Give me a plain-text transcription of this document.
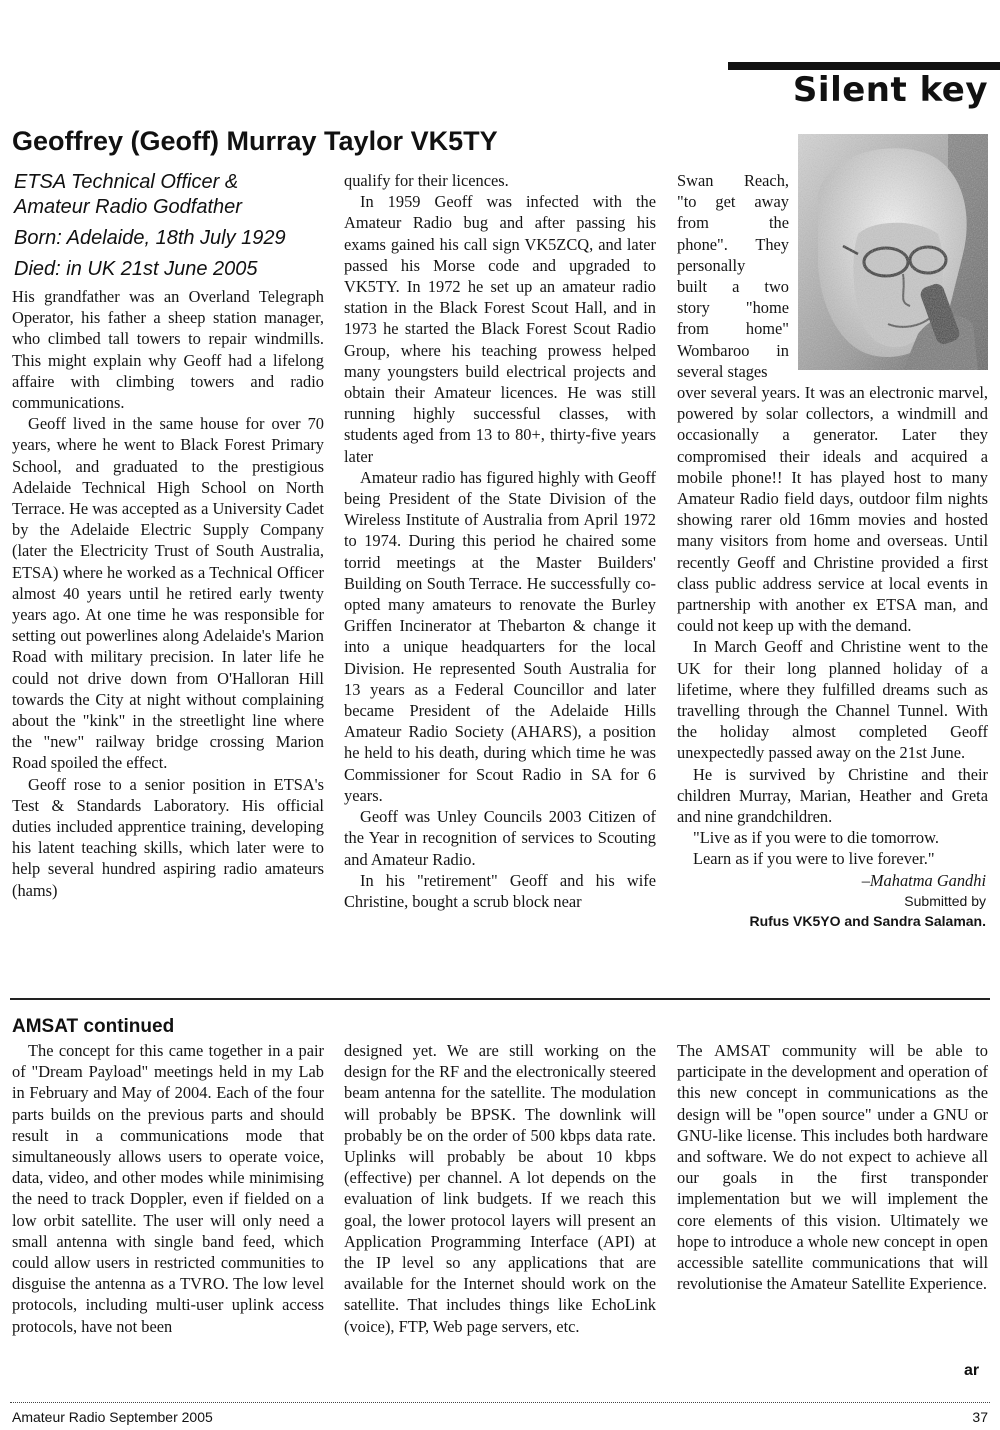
Silent key
Geoffrey (Geoff) Murray Taylor VK5TY
ETSA Technical Officer &
Amateur Radio Godfather
Born: Adelaide, 18th July 1929
Died: in UK 21st June 2005

His grandfather was an Overland Telegraph Operator, his father a sheep station manager, who climbed tall towers to repair windmills. This might explain why Geoff had a lifelong affaire with climbing towers and radio communications.

Geoff lived in the same house for over 70 years, where he went to Black Forest Primary School, and graduated to the prestigious Adelaide Technical High School on North Terrace. He was accepted as a University Cadet by the Adelaide Electric Supply Company (later the Electricity Trust of South Australia, ETSA) where he worked as a Technical Officer almost 40 years until he retired early twenty years ago. At one time he was responsible for setting out powerlines along Adelaide's Marion Road with military precision. In later life he could not drive down from O'Halloran Hill towards the City at night without complaining about the "kink" in the streetlight line where the "new" railway bridge crossing Marion Road spoiled the effect.

Geoff rose to a senior position in ETSA's Test & Standards Laboratory. His official duties included apprentice training, developing his latent teaching skills, which later were to help several hundred aspiring radio amateurs (hams)

qualify for their licences.

In 1959 Geoff was infected with the Amateur Radio bug and after passing his exams gained his call sign VK5ZCQ, and later passed his Morse code and upgraded to VK5TY. In 1972 he set up an amateur radio station in the Black Forest Scout Hall, and in 1973 he started the Black Forest Scout Radio Group, where his teaching prowess helped many youngsters build electrical projects and obtain their Amateur licences. He was still running highly successful classes, with students aged from 13 to 80+, thirty-five years later

Amateur radio has figured highly with Geoff being President of the State Division of the Wireless Institute of Australia from April 1972 to 1974. During this period he chaired some torrid meetings at the Master Builders' Building on South Terrace. He successfully co-opted many amateurs to renovate the Burley Griffen Incinerator at Thebarton & change it into a unique headquarters for the local Division. He represented South Australia for 13 years as a Federal Councillor and later became President of the Adelaide Hills Amateur Radio Society (AHARS), a position he held to his death, during which time he was Commissioner for Scout Radio in SA for 6 years.

Geoff was Unley Councils 2003 Citizen of the Year in recognition of services to Scouting and Amateur Radio.

In his "retirement" Geoff and his wife Christine, bought a scrub block near

Swan Reach,
"to get away
from the
phone". They
personally
built a two
story "home
from home"
Wombaroo in
several stages

over several years. It was an electronic marvel, powered by solar collectors, a windmill and occasionally a generator. Later they compromised their ideals and acquired a mobile phone!! It has played host to many Amateur Radio field days, outdoor film nights showing rarer old 16mm movies and hosted many visitors from home and overseas. Until recently Geoff and Christine provided a first class public address service at local events in partnership with another ex ETSA man, and could not keep up with the demand.

In March Geoff and Christine went to the UK for their long planned holiday of a lifetime, where they fulfilled dreams such as travelling through the Channel Tunnel. With the holiday almost completed Geoff unexpectedly passed away on the 21st June.

He is survived by Christine and their children Murray, Marian, Heather and Greta and nine grandchildren.

"Live as if you were to die tomorrow.

Learn as if you were to live forever."

–Mahatma Gandhi
Submitted by
Rufus VK5YO and Sandra Salaman.
AMSAT continued

The concept for this came together in a pair of "Dream Payload" meetings held in my Lab in February and May of 2004. Each of the four parts builds on the previous parts and should result in a communications mode that simultaneously allows users to operate voice, data, video, and other modes while minimising the need to track Doppler, even if fielded on a low orbit satellite. The user will only need a small antenna with single band feed, which could allow users in restricted communities to disguise the antenna as a TVRO. The low level protocols, including multi-user uplink access protocols, have not been

designed yet. We are still working on the design for the RF and the electronically steered beam antenna for the satellite. The modulation will probably be BPSK. The downlink will probably be on the order of 500 kbps data rate. Uplinks will probably be about 10 kbps (effective) per channel. A lot depends on the evaluation of link budgets. If we reach this goal, the lower protocol layers will present an Application Programming Interface (API) at the IP level so any applications that are available for the Internet should work on the satellite. That includes things like EchoLink (voice), FTP, Web page servers, etc.

The AMSAT community will be able to participate in the development and operation of this new concept in communications as the design will be "open source" under a GNU or GNU-like license. This includes both hardware and software. We do not expect to achieve all our goals in the first transponder implementation but we will implement the core elements of this vision. Ultimately we hope to introduce a whole new concept in open accessible satellite communications that will revolutionise the Amateur Satellite Experience.

ar
Amateur Radio September 2005	37
